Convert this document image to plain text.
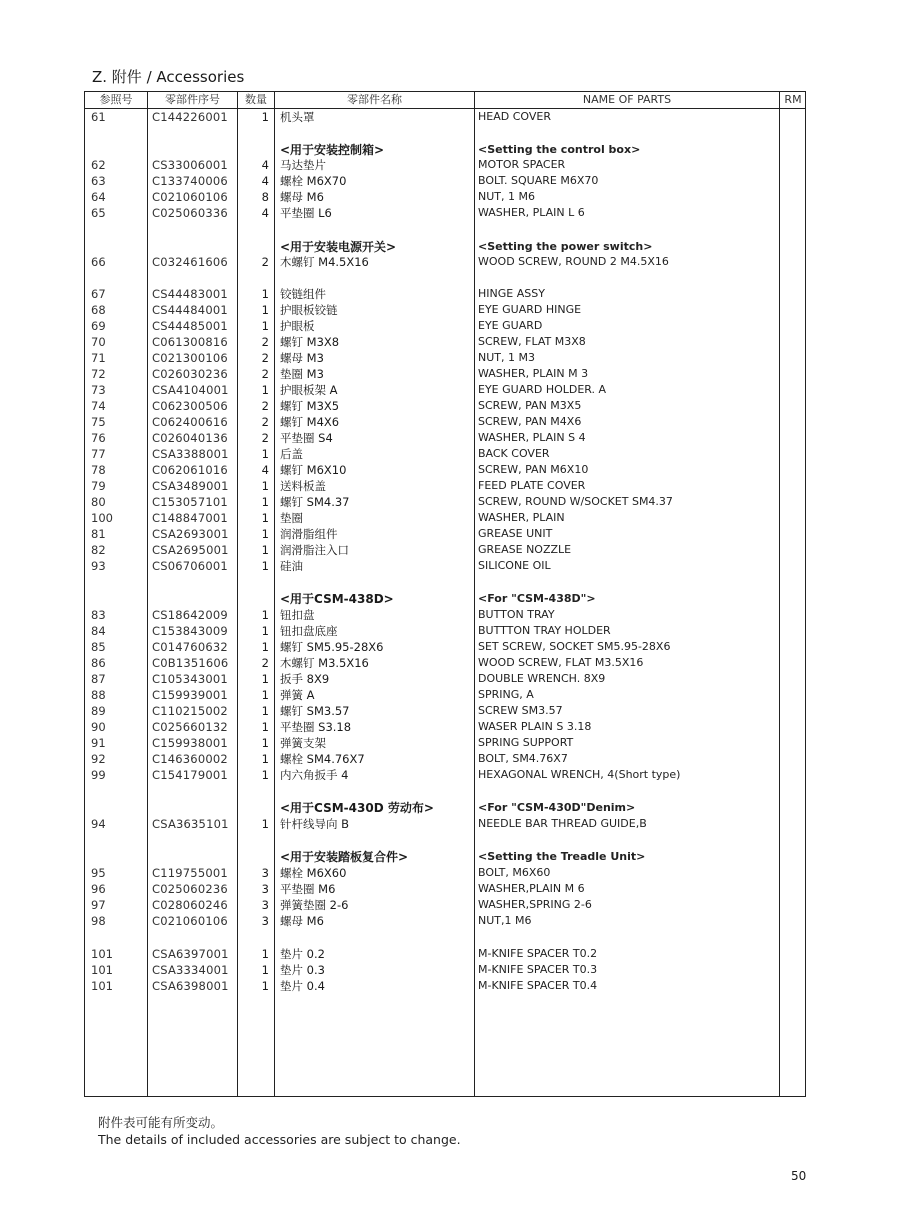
Z. 附件 / Accessories
参照号	零部件序号	数量	零部件名称	NAME OF PARTS	RM
61	C144226001	1 机头罩	HEAD COVER
<用于安装控制箱>	<Setting the control box>
62	CS33006001	4 马达垫片	MOTOR SPACER
63	C133740006	4 螺栓 M6X70	BOLT. SQUARE M6X70
64	C021060106	8 螺母 M6	NUT, 1 M6
65	C025060336	4 平垫圈 L6	WASHER, PLAIN L 6
<用于安装电源开关>	<Setting the power switch>
66	C032461606	2 木螺钉 M4.5X16	WOOD SCREW, ROUND 2 M4.5X16
67	CS44483001	1 铰链组件	HINGE ASSY
68	CS44484001	1 护眼板铰链	EYE GUARD HINGE
69	CS44485001	1 护眼板	EYE GUARD
70	C061300816	2 螺钉 M3X8	SCREW, FLAT M3X8
71	C021300106	2 螺母 M3	NUT, 1 M3
72	C026030236	2 垫圈 M3	WASHER, PLAIN M 3
73	CSA4104001	1 护眼板架 A	EYE GUARD HOLDER. A
74	C062300506	2 螺钉 M3X5	SCREW, PAN M3X5
75	C062400616	2 螺钉 M4X6	SCREW, PAN M4X6
76	C026040136	2 平垫圈 S4	WASHER, PLAIN S 4
77	CSA3388001	1 后盖	BACK COVER
78	C062061016	4 螺钉 M6X10	SCREW, PAN M6X10
79	CSA3489001	1 送料板盖	FEED PLATE COVER
80	C153057101	1 螺钉 SM4.37	SCREW, ROUND W/SOCKET SM4.37
100	C148847001	1 垫圈	WASHER, PLAIN
81	CSA2693001	1 润滑脂组件	GREASE UNIT
82	CSA2695001	1 润滑脂注入口	GREASE NOZZLE
93	CS06706001	1 硅油	SILICONE OIL
<用于CSM-438D>	<For "CSM-438D">
83	CS18642009	1 钮扣盘	BUTTON TRAY
84	C153843009	1 钮扣盘底座	BUTTTON TRAY HOLDER
85	C014760632	1 螺钉 SM5.95-28X6	SET SCREW, SOCKET SM5.95-28X6
86	C0B1351606	2 木螺钉 M3.5X16	WOOD SCREW, FLAT M3.5X16
87	C105343001	1 扳手 8X9	DOUBLE WRENCH. 8X9
88	C159939001	1 弹簧 A	SPRING, A
89	C110215002	1 螺钉 SM3.57	SCREW SM3.57
90	C025660132	1 平垫圈 S3.18	WASER PLAIN S 3.18
91	C159938001	1 弹簧支架	SPRING SUPPORT
92	C146360002	1 螺栓 SM4.76X7	BOLT, SM4.76X7
99	C154179001	1 内六角扳手 4	HEXAGONAL WRENCH, 4(Short type)
<用于CSM-430D 劳动布>	<For "CSM-430D"Denim>
94	CSA3635101	1 针杆线导向 B	NEEDLE BAR THREAD GUIDE,B
<用于安装踏板复合件>	<Setting the Treadle Unit>
95	C119755001	3 螺栓 M6X60	BOLT, M6X60
96	C025060236	3 平垫圈 M6	WASHER,PLAIN M 6
97	C028060246	3 弹簧垫圈 2-6	WASHER,SPRING 2-6
98	C021060106	3 螺母 M6	NUT,1 M6
101	CSA6397001	1 垫片 0.2	M-KNIFE SPACER T0.2
101	CSA3334001	1 垫片 0.3	M-KNIFE SPACER T0.3
101	CSA6398001	1 垫片 0.4	M-KNIFE SPACER T0.4
附件表可能有所变动。
The details of included accessories are subject to change.
50
